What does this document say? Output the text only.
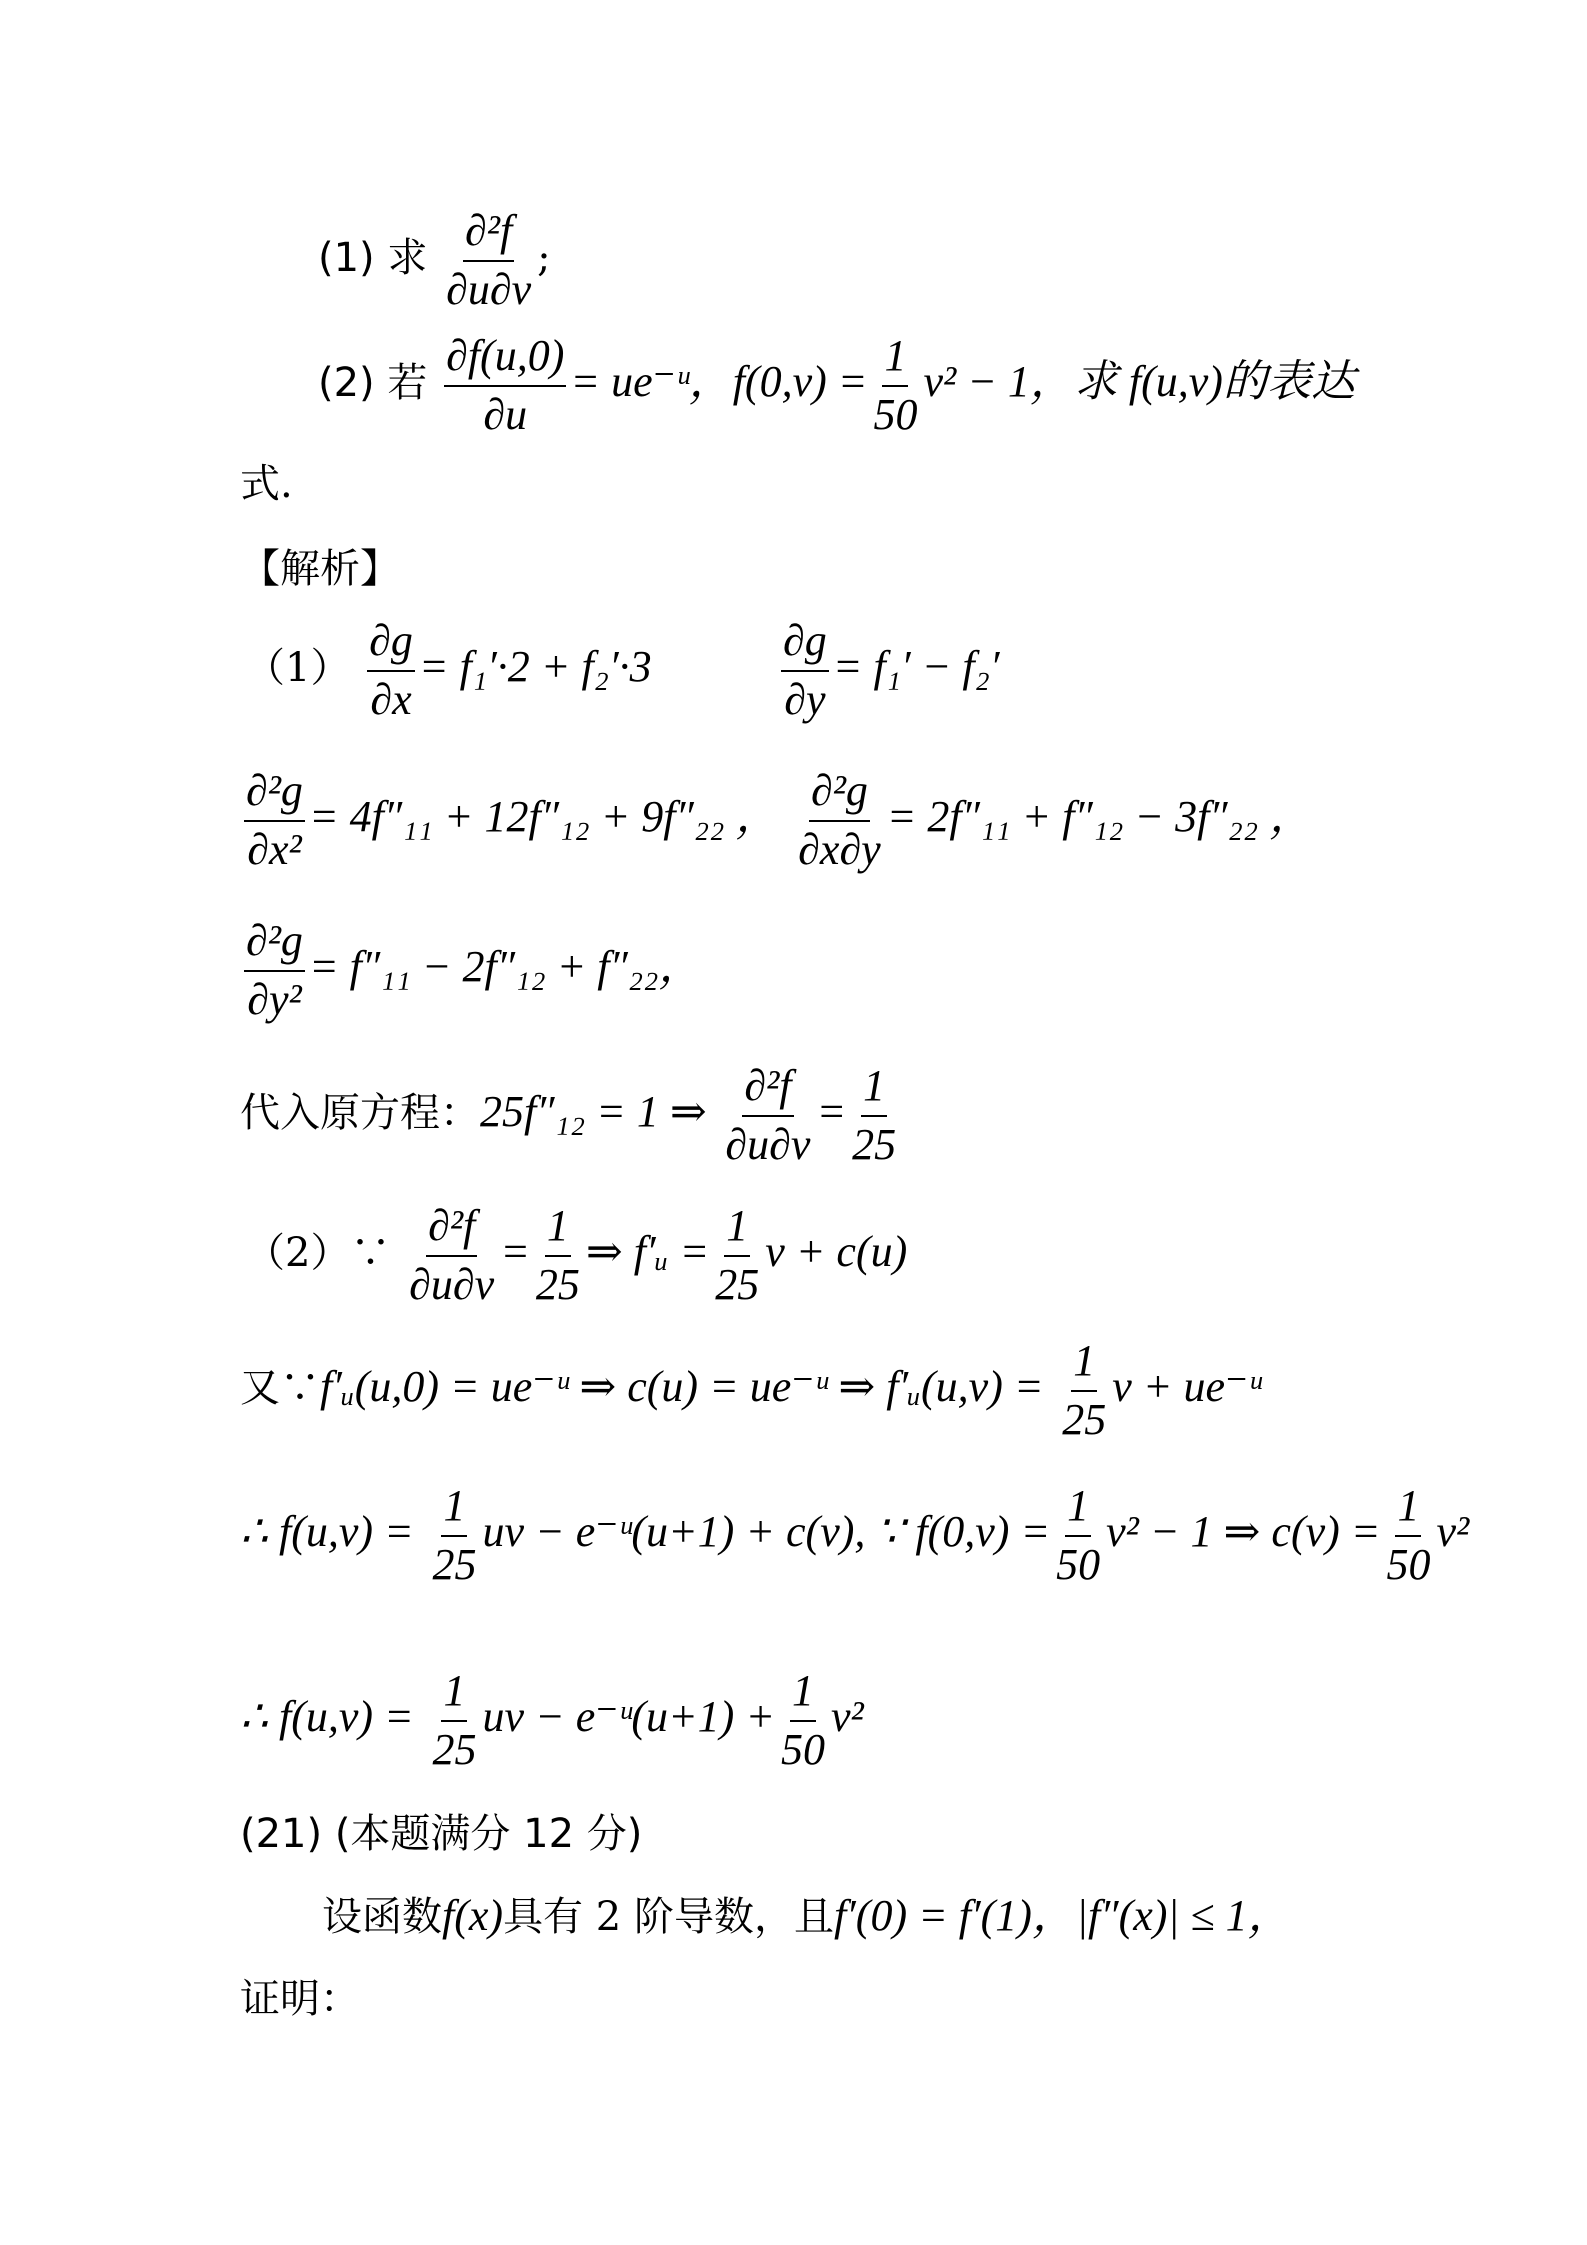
(1) 求 $\frac{\text{∂²f}}{\partial u\partial v}$ ;
(2) 若 $\frac{\partial f(u,0)}{\partial u}$ = ue⁻ᵘ，$f(0,v) = \frac{1}{50} v^2 - 1$，求 f(u,v)的表达
式.
【解析】
$(1) \frac{\partial g}{\partial x} = f_1'\cdot 2 + f_2'\cdot 3$	$\frac{\partial g}{\partial y} = f_1' - f_2'$
$\frac{\text{∂²g}}{\text{∂x²}} = 4f''_{11} + 12f''_{12} + 9f''_{22}$ ， $\frac{\text{∂²g}}{\partial x\partial y} = 2f''_{11} + f''_{12} - 3f''_{22}$ ，
$\frac{\text{∂²g}}{\text{∂y²}} = f''_{11} - 2f''_{12} + f''_{22}$，
代入原方程：25f″₁₂ = 1 ⇒ $\frac{\text{∂²f}}{\partial u\partial v} = \frac{1}{25}$
（2）∵ $\frac{\text{∂²f}}{\partial u\partial v} = \frac{1}{25}$ ⇒ f′ᵤ = $\frac{1}{25}$ v + c(u)
又∵f′ᵤ(u,0) = ue⁻ᵘ ⇒ c(u) = ue⁻ᵘ ⇒ f′ᵤ(u,v) = $\frac{1}{25}$ v + ue⁻ᵘ
∴ $f(u,v) = \frac{1}{25}$ uv − e⁻ᵘ(u+1) + c(v), ∵ $f(0,v) = \frac{1}{50} v^2 - 1$ ⇒ $c(v) = \frac{1}{50} v^2$
∴ $f(u,v) = \frac{1}{25}$ uv − e⁻ᵘ(u+1) + $\frac{1}{50} v^2$
(21) (本题满分 12 分)
设函数f(x)具有 2 阶导数，且f′(0) = f′(1)，|f″(x)| ≤ 1，
证明：
